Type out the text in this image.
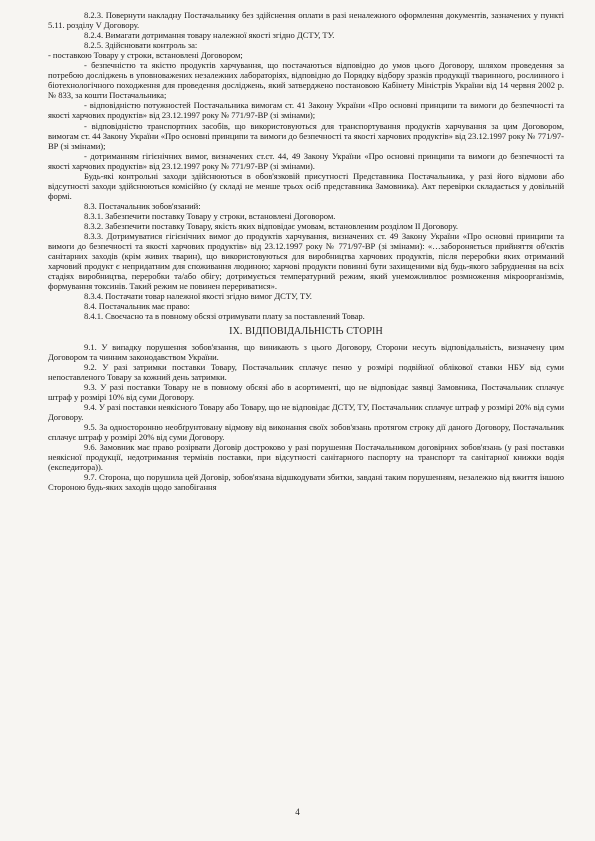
8.2.3. Повернути накладну Постачальнику без здійснення оплати в разі неналежного оформлення документів, зазначених у пункті 5.11. розділу V Договору.

8.2.4. Вимагати дотримання товару належної якості згідно ДСТУ, ТУ.

8.2.5. Здійснювати контроль за:

- поставкою Товару у строки, встановлені Договором;

- безпечністю та якістю продуктів харчування, що постачаються відповідно до умов цього Договору, шляхом проведення за потребою досліджень в уповноважених незалежних лабораторіях, відповідно до Порядку відбору зразків продукції тваринного, рослинного і біотехнологічного походження для проведення досліджень, який затверджено постановою Кабінету Міністрів України від 14 червня 2002 р. № 833, за кошти Постачальника;

- відповідністю потужностей Постачальника вимогам ст. 41 Закону України «Про основні принципи та вимоги до безпечності та якості харчових продуктів» від 23.12.1997 року № 771/97-ВР (зі змінами);

- відповідністю транспортних засобів, що використовуються для транспортування продуктів харчування за цим Договором, вимогам ст. 44 Закону України «Про основні принципи та вимоги до безпечності та якості харчових продуктів» від 23.12.1997 року № 771/97-ВР (зі змінами);

- дотриманням гігієнічних вимог, визначених ст.ст. 44, 49 Закону України «Про основні принципи та вимоги до безпечності та якості харчових продуктів» від 23.12.1997 року № 771/97-ВР (зі змінами).

Будь-які контрольні заходи здійснюються в обов'язковій присутності Представника Постачальника, у разі його відмови або відсутності заходи здійснюються комісійно (у складі не менше трьох осіб представника Замовника). Акт перевірки складається у довільній формі.

8.3. Постачальник зобов'язаний:

8.3.1. Забезпечити поставку Товару у строки, встановлені Договором.

8.3.2. Забезпечити поставку Товару, якість яких відповідає умовам, встановленим розділом ІІ Договору.

8.3.3. Дотримуватися гігієнічних вимог до продуктів харчування, визначених ст. 49 Закону України «Про основні принципи та вимоги до безпечності та якості харчових продуктів» від 23.12.1997 року № 771/97-ВР (зі змінами): «…забороняється прийняття об'єктів санітарних заходів (крім живих тварин), що використовуються для виробництва харчових продуктів, після переробки яких отриманий харчовий продукт є непридатним для споживання людиною; харчові продукти повинні бути захищеними від будь-якого забруднення на всіх стадіях виробництва, переробки та/або обігу; дотримується температурний режим, який унеможливлює розмноження мікроорганізмів, формування токсинів. Такий режим не повинен перериватися».

8.3.4. Постачати товар належної якості згідно вимог ДСТУ, ТУ.

8.4. Постачальник має право:

8.4.1. Своєчасно та в повному обсязі отримувати плату за поставлений Товар.

ІХ. ВІДПОВІДАЛЬНІСТЬ СТОРІН

9.1. У випадку порушення зобов'язання, що виникають з цього Договору, Сторони несуть відповідальність, визначену цим Договором та чинним законодавством України.

9.2. У разі затримки поставки Товару, Постачальник сплачує пеню у розмірі подвійної облікової ставки НБУ від суми непоставленого Товару за кожний день затримки.

9.3. У разі поставки Товару не в повному обсязі або в асортименті, що не відповідає заявці Замовника, Постачальник сплачує штраф у розмірі 10% від суми Договору.

9.4. У разі поставки неякісного Товару або Товару, що не відповідає ДСТУ, ТУ, Постачальник сплачує штраф у розмірі 20% від суми Договору.

9.5. За односторонню необґрунтовану відмову від виконання своїх зобов'язань протягом строку дії даного Договору, Постачальник сплачує штраф у розмірі 20% від суми Договору.

9.6. Замовник має право розірвати Договір достроково у разі порушення Постачальником договірних зобов'язань (у разі поставки неякісної продукції, недотримання термінів поставки, при відсутності санітарного паспорту на транспорт та санітарної книжки водія (експедитора)).

9.7. Сторона, що порушила цей Договір, зобов'язана відшкодувати збитки, завдані таким порушенням, незалежно від вжиття іншою Стороною будь-яких заходів щодо запобігання

4
